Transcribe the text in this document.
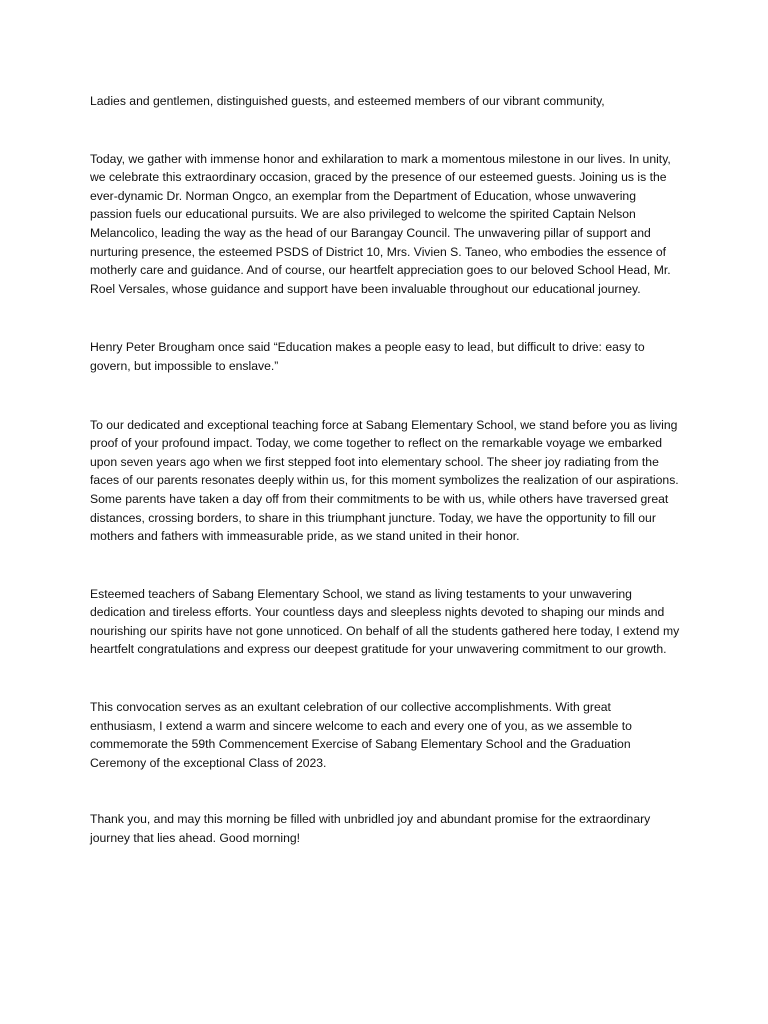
Ladies and gentlemen, distinguished guests, and esteemed members of our vibrant community,

Today, we gather with immense honor and exhilaration to mark a momentous milestone in our lives. In unity, we celebrate this extraordinary occasion, graced by the presence of our esteemed guests. Joining us is the ever-dynamic Dr. Norman Ongco, an exemplar from the Department of Education, whose unwavering passion fuels our educational pursuits. We are also privileged to welcome the spirited Captain Nelson Melancolico, leading the way as the head of our Barangay Council. The unwavering pillar of support and nurturing presence, the esteemed PSDS of District 10, Mrs. Vivien S. Taneo, who embodies the essence of motherly care and guidance. And of course, our heartfelt appreciation goes to our beloved School Head, Mr. Roel Versales, whose guidance and support have been invaluable throughout our educational journey.

Henry Peter Brougham once said “Education makes a people easy to lead, but difficult to drive: easy to govern, but impossible to enslave.”

To our dedicated and exceptional teaching force at Sabang Elementary School, we stand before you as living proof of your profound impact. Today, we come together to reflect on the remarkable voyage we embarked upon seven years ago when we first stepped foot into elementary school. The sheer joy radiating from the faces of our parents resonates deeply within us, for this moment symbolizes the realization of our aspirations. Some parents have taken a day off from their commitments to be with us, while others have traversed great distances, crossing borders, to share in this triumphant juncture. Today, we have the opportunity to fill our mothers and fathers with immeasurable pride, as we stand united in their honor.

Esteemed teachers of Sabang Elementary School, we stand as living testaments to your unwavering dedication and tireless efforts. Your countless days and sleepless nights devoted to shaping our minds and nourishing our spirits have not gone unnoticed. On behalf of all the students gathered here today, I extend my heartfelt congratulations and express our deepest gratitude for your unwavering commitment to our growth.

This convocation serves as an exultant celebration of our collective accomplishments. With great enthusiasm, I extend a warm and sincere welcome to each and every one of you, as we assemble to commemorate the 59th Commencement Exercise of Sabang Elementary School and the Graduation Ceremony of the exceptional Class of 2023.

Thank you, and may this morning be filled with unbridled joy and abundant promise for the extraordinary journey that lies ahead. Good morning!
